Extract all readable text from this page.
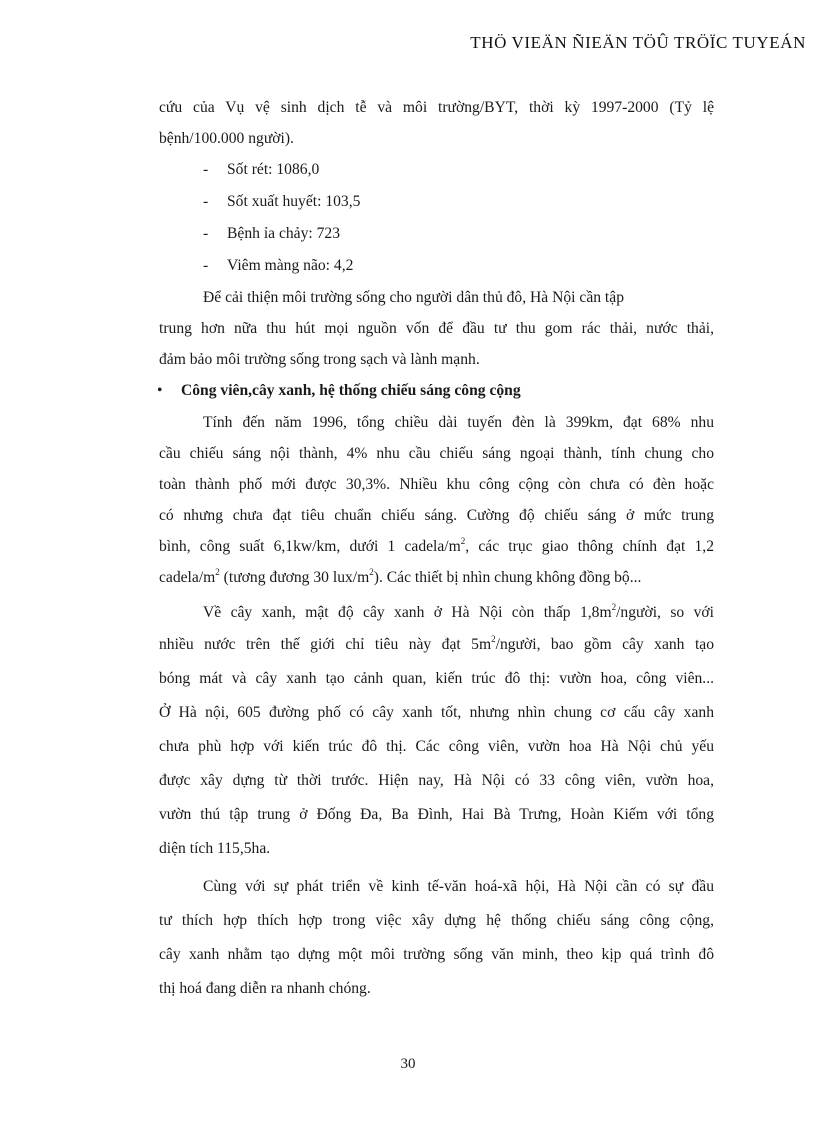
THÖ VIEÄN ÑIEÄN TÖÛ TRÖÏC TUYEÁN
cứu của Vụ vệ sinh dịch tễ và môi trường/BYT, thời kỳ 1997-2000 (Tỷ lệ
bệnh/100.000 người).
- Sốt rét: 1086,0
- Sốt xuất huyết: 103,5
- Bệnh ỉa chảy: 723
- Viêm màng não: 4,2
Để cải thiện môi trường sống cho người dân thủ đô, Hà Nội cần tập
trung hơn nữa thu hút mọi nguồn vốn để đầu tư thu gom rác thải, nước thải,
đảm bảo môi trường sống trong sạch và lành mạnh.
• Công viên,cây xanh, hệ thống chiếu sáng công cộng
Tính đến năm 1996, tổng chiều dài tuyến đèn là 399km, đạt 68% nhu
cầu chiếu sáng nội thành, 4% nhu cầu chiếu sáng ngoại thành, tính chung cho
toàn thành phố mới được 30,3%. Nhiều khu công cộng còn chưa có đèn hoặc
có nhưng chưa đạt tiêu chuẩn chiếu sáng. Cường độ chiếu sáng ở mức trung
bình, công suất 6,1kw/km, dưới 1 cadela/$m^2$, các trục giao thông chính đạt 1,2
cadela/$m^2$ (tương đương 30 lux/$m^2$). Các thiết bị nhìn chung không đồng bộ...
Về cây xanh, mật độ cây xanh ở Hà Nội còn thấp $1,8m^2$/người, so với
nhiều nước trên thế giới chỉ tiêu này đạt $5m^2$/người, bao gồm cây xanh tạo
bóng mát và cây xanh tạo cảnh quan, kiến trúc đô thị: vườn hoa, công viên...
Ở Hà nội, 605 đường phố có cây xanh tốt, nhưng nhìn chung cơ cấu cây xanh
chưa phù hợp với kiến trúc đô thị. Các công viên, vườn hoa Hà Nội chủ yếu
được xây dựng từ thời trước. Hiện nay, Hà Nội có 33 công viên, vườn hoa,
vườn thú tập trung ở Đống Đa, Ba Đình, Hai Bà Trưng, Hoàn Kiếm với tổng
diện tích 115,5ha.
Cùng với sự phát triển về kinh tế-văn hoá-xã hội, Hà Nội cần có sự đầu
tư thích hợp thích hợp trong việc xây dựng hệ thống chiếu sáng công cộng,
cây xanh nhằm tạo dựng một môi trường sống văn minh, theo kịp quá trình đô
thị hoá đang diễn ra nhanh chóng.
30
